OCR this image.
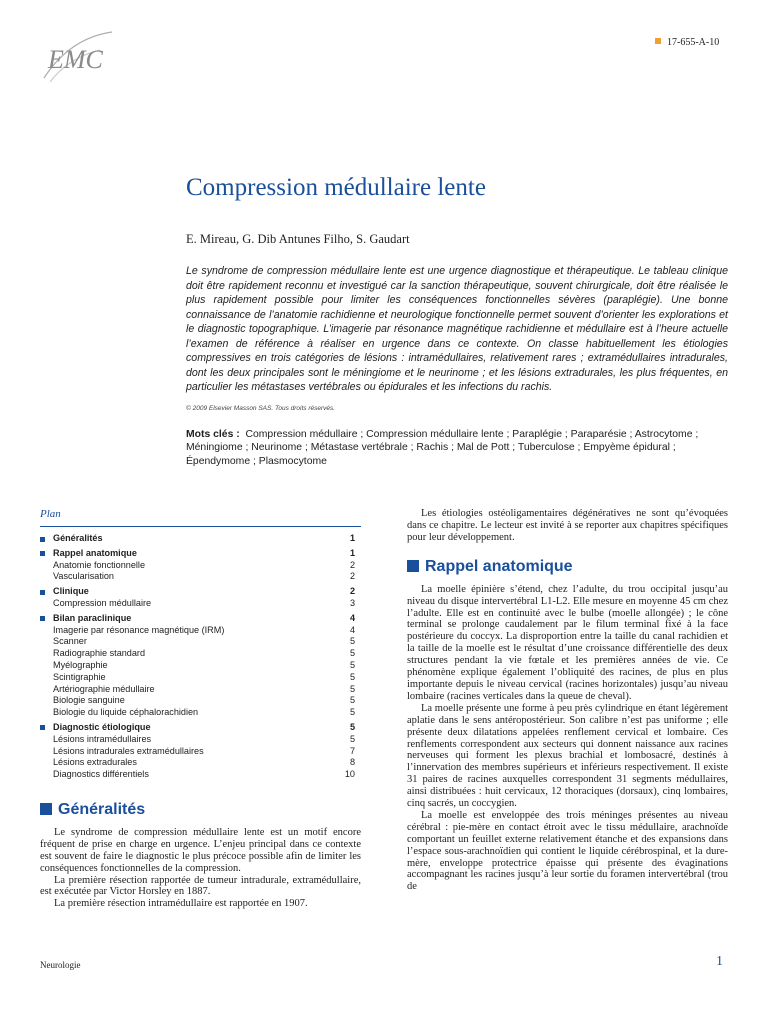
EMC
17-655-A-10
Compression médullaire lente
E. Mireau, G. Dib Antunes Filho, S. Gaudart

Le syndrome de compression médullaire lente est une urgence diagnostique et thérapeutique. Le tableau clinique doit être rapidement reconnu et investigué car la sanction thérapeutique, souvent chirurgicale, doit être réalisée le plus rapidement possible pour limiter les conséquences fonctionnelles sévères (paraplégie). Une bonne connaissance de l’anatomie rachidienne et neurologique fonctionnelle permet souvent d’orienter les explorations et le diagnostic topographique. L’imagerie par résonance magnétique rachidienne et médullaire est à l’heure actuelle l’examen de référence à réaliser en urgence dans ce contexte. On classe habituellement les étiologies compressives en trois catégories de lésions : intramédullaires, relativement rares ; extramédullaires intradurales, dont les deux principales sont le méningiome et le neurinome ; et les lésions extradurales, les plus fréquentes, en particulier les métastases vertébrales ou épidurales et les infections du rachis.

© 2009 Elsevier Masson SAS. Tous droits réservés.

Mots clés : Compression médullaire ; Compression médullaire lente ; Paraplégie ; Paraparésie ; Astrocytome ; Méningiome ; Neurinome ; Métastase vertébrale ; Rachis ; Mal de Pott ; Tuberculose ; Empyème épidural ; Épendymome ; Plasmocytome

Plan
Généralités	1
Rappel anatomique	1
Anatomie fonctionnelle	2
Vascularisation	2
Clinique	2
Compression médullaire	3
Bilan paraclinique	4
Imagerie par résonance magnétique (IRM)	4
Scanner	5
Radiographie standard	5
Myélographie	5
Scintigraphie	5
Artériographie médullaire	5
Biologie sanguine	5
Biologie du liquide céphalorachidien	5
Diagnostic étiologique	5
Lésions intramédullaires	5
Lésions intradurales extramédullaires	7
Lésions extradurales	8
Diagnostics différentiels	10
Généralités

Le syndrome de compression médullaire lente est un motif encore fréquent de prise en charge en urgence. L’enjeu principal dans ce contexte est souvent de faire le diagnostic le plus précoce possible afin de limiter les conséquences fonctionnelles de la compression.

La première résection rapportée de tumeur intradurale, extramédullaire, est exécutée par Victor Horsley en 1887.

La première résection intramédullaire est rapportée en 1907.

Les étiologies ostéoligamentaires dégénératives ne sont qu’évoquées dans ce chapitre. Le lecteur est invité à se reporter aux chapitres spécifiques pour leur développement.

Rappel anatomique

La moelle épinière s’étend, chez l’adulte, du trou occipital jusqu’au niveau du disque intervertébral L1-L2. Elle mesure en moyenne 45 cm chez l’adulte. Elle est en continuité avec le bulbe (moelle allongée) ; le cône terminal se prolonge caudalement par le filum terminal fixé à la face postérieure du coccyx. La disproportion entre la taille du canal rachidien et la taille de la moelle est le résultat d’une croissance différentielle des deux structures pendant la vie fœtale et les premières années de vie. Ce phénomène explique également l’obliquité des racines, de plus en plus importante depuis le niveau cervical (racines horizontales) jusqu’au niveau lombaire (racines verticales dans la queue de cheval).

La moelle présente une forme à peu près cylindrique en étant légèrement aplatie dans le sens antéropostérieur. Son calibre n’est pas uniforme ; elle présente deux dilatations appelées renflement cervical et lombaire. Ces renflements correspondent aux secteurs qui donnent naissance aux racines nerveuses qui forment les plexus brachial et lombosacré, destinés à l’innervation des membres supérieurs et inférieurs respectivement. Il existe 31 paires de racines auxquelles correspondent 31 segments médullaires, ainsi distribuées : huit cervicaux, 12 thoraciques (dorsaux), cinq lombaires, cinq sacrés, un coccygien.

La moelle est enveloppée des trois méninges présentes au niveau cérébral : pie-mère en contact étroit avec le tissu médullaire, arachnoïde comportant un feuillet externe relativement étanche et des expansions dans l’espace sous-arachnoïdien qui contient le liquide cérébrospinal, et la dure-mère, enveloppe protectrice épaisse qui présente des évaginations accompagnant les racines jusqu’à leur sortie du foramen intervertébral (trou de

Neurologie	1
